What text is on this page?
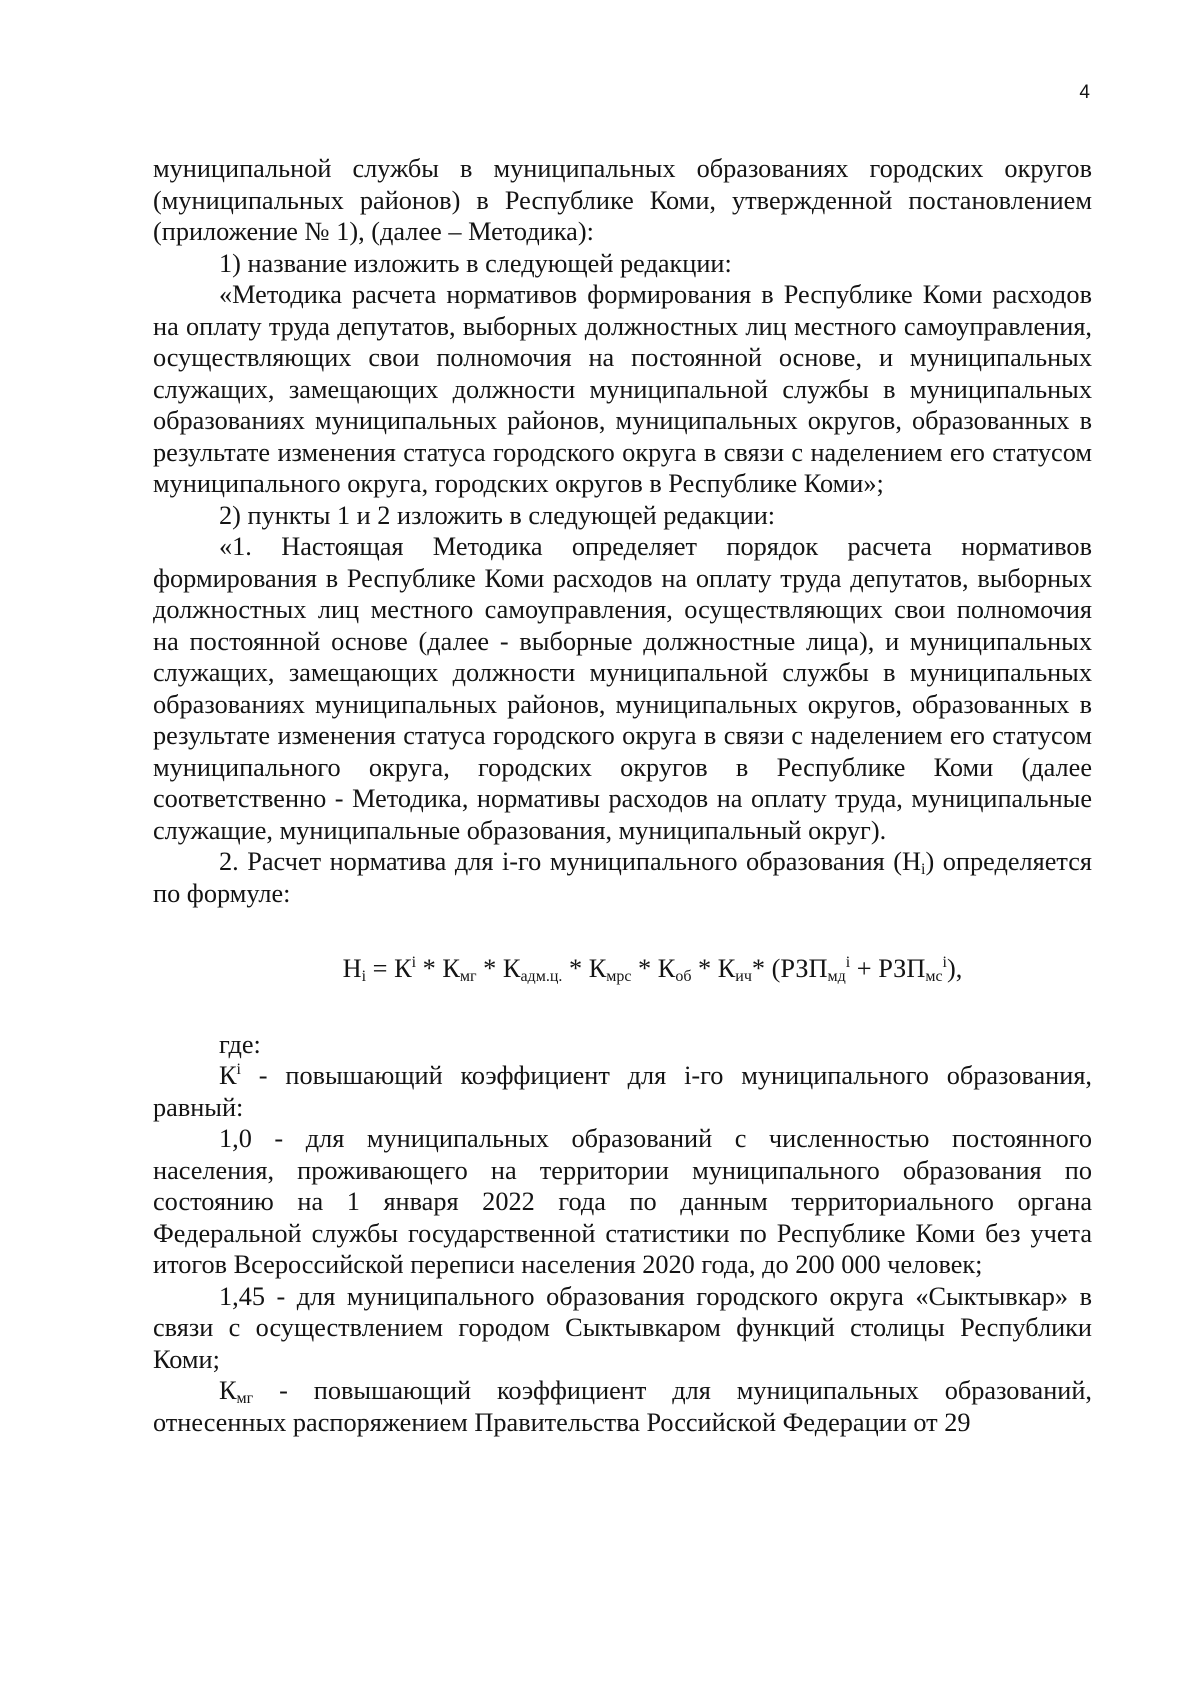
4

муниципальной службы в муниципальных образованиях городских округов (муниципальных районов) в Республике Коми, утвержденной постановлением (приложение № 1), (далее – Методика):

1) название изложить в следующей редакции:

«Методика расчета нормативов формирования в Республике Коми расходов на оплату труда депутатов, выборных должностных лиц местного самоуправления, осуществляющих свои полномочия на постоянной основе, и муниципальных служащих, замещающих должности муниципальной службы в муниципальных образованиях муниципальных районов, муниципальных округов, образованных в результате изменения статуса городского округа в связи с наделением его статусом муниципального округа, городских округов в Республике Коми»;

2) пункты 1 и 2 изложить в следующей редакции:

«1. Настоящая Методика определяет порядок расчета нормативов формирования в Республике Коми расходов на оплату труда депутатов, выборных должностных лиц местного самоуправления, осуществляющих свои полномочия на постоянной основе (далее - выборные должностные лица), и муниципальных служащих, замещающих должности муниципальной службы в муниципальных образованиях муниципальных районов, муниципальных округов, образованных в результате изменения статуса городского округа в связи с наделением его статусом муниципального округа, городских округов в Республике Коми (далее соответственно - Методика, нормативы расходов на оплату труда, муниципальные служащие, муниципальные образования, муниципальный округ).

2. Расчет норматива для i-го муниципального образования $(Н_i)$ определяется по формуле:

$Н_i = К^i * К_{мг} * К_{адм.ц.} * К_{мрс} * К_{об} * К_{ич}*$ $(РЗП_{мд}^i + РЗП_{мс}^i)$,

где:

$К^i$ - повышающий коэффициент для i-го муниципального образования, равный:

1,0 - для муниципальных образований с численностью постоянного населения, проживающего на территории муниципального образования по состоянию на 1 января 2022 года по данным территориального органа Федеральной службы государственной статистики по Республике Коми без учета итогов Всероссийской переписи населения 2020 года, до 200 000 человек;

1,45 - для муниципального образования городского округа «Сыктывкар» в связи с осуществлением городом Сыктывкаром функций столицы Республики Коми;

$К_{мг}$ - повышающий коэффициент для муниципальных образований, отнесенных распоряжением Правительства Российской Федерации от 29
